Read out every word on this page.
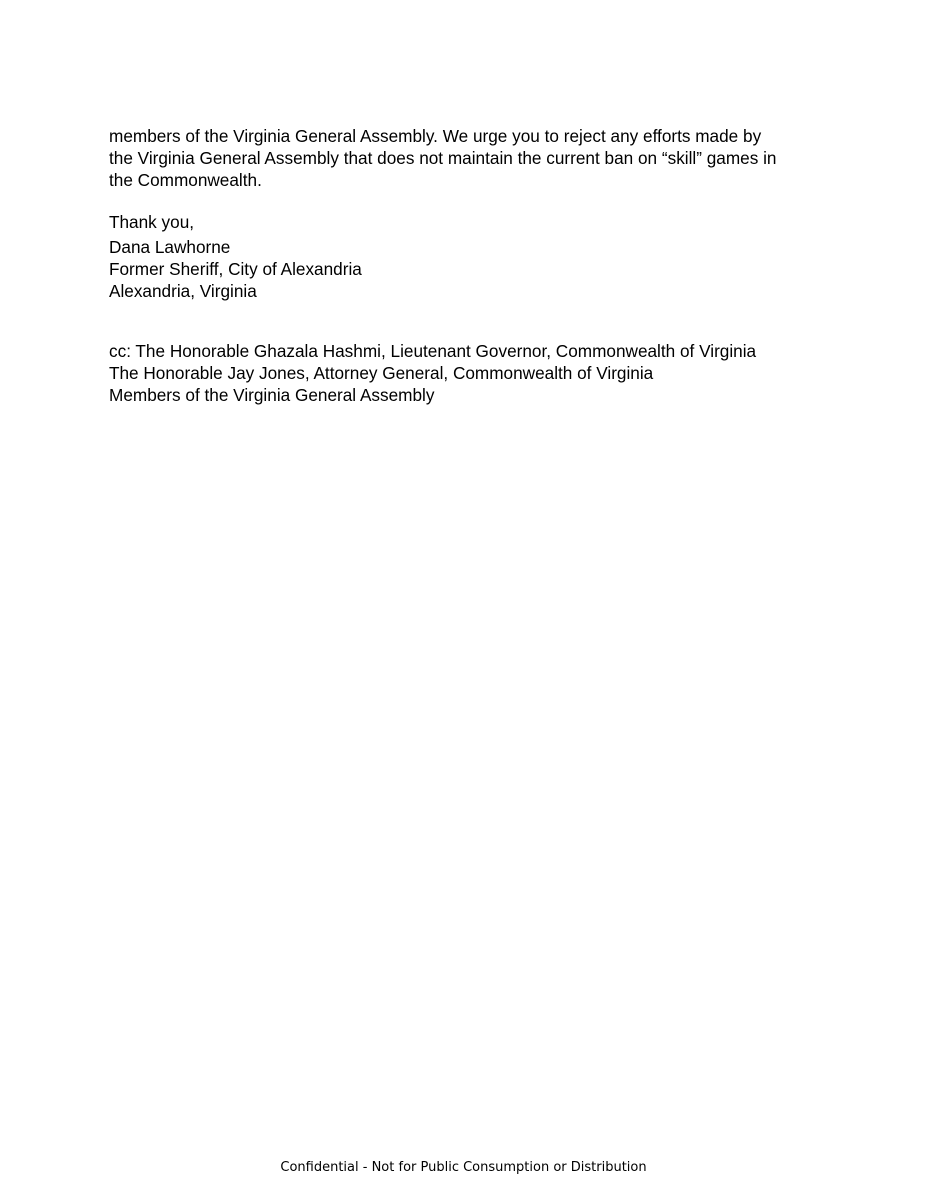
members of the Virginia General Assembly. We urge you to reject any efforts made by
the Virginia General Assembly that does not maintain the current ban on “skill” games in
the Commonwealth.

Thank you,

Dana Lawhorne
Former Sheriff, City of Alexandria
Alexandria, Virginia
cc: The Honorable Ghazala Hashmi, Lieutenant Governor, Commonwealth of Virginia
The Honorable Jay Jones, Attorney General, Commonwealth of Virginia
Members of the Virginia General Assembly
Confidential - Not for Public Consumption or Distribution
